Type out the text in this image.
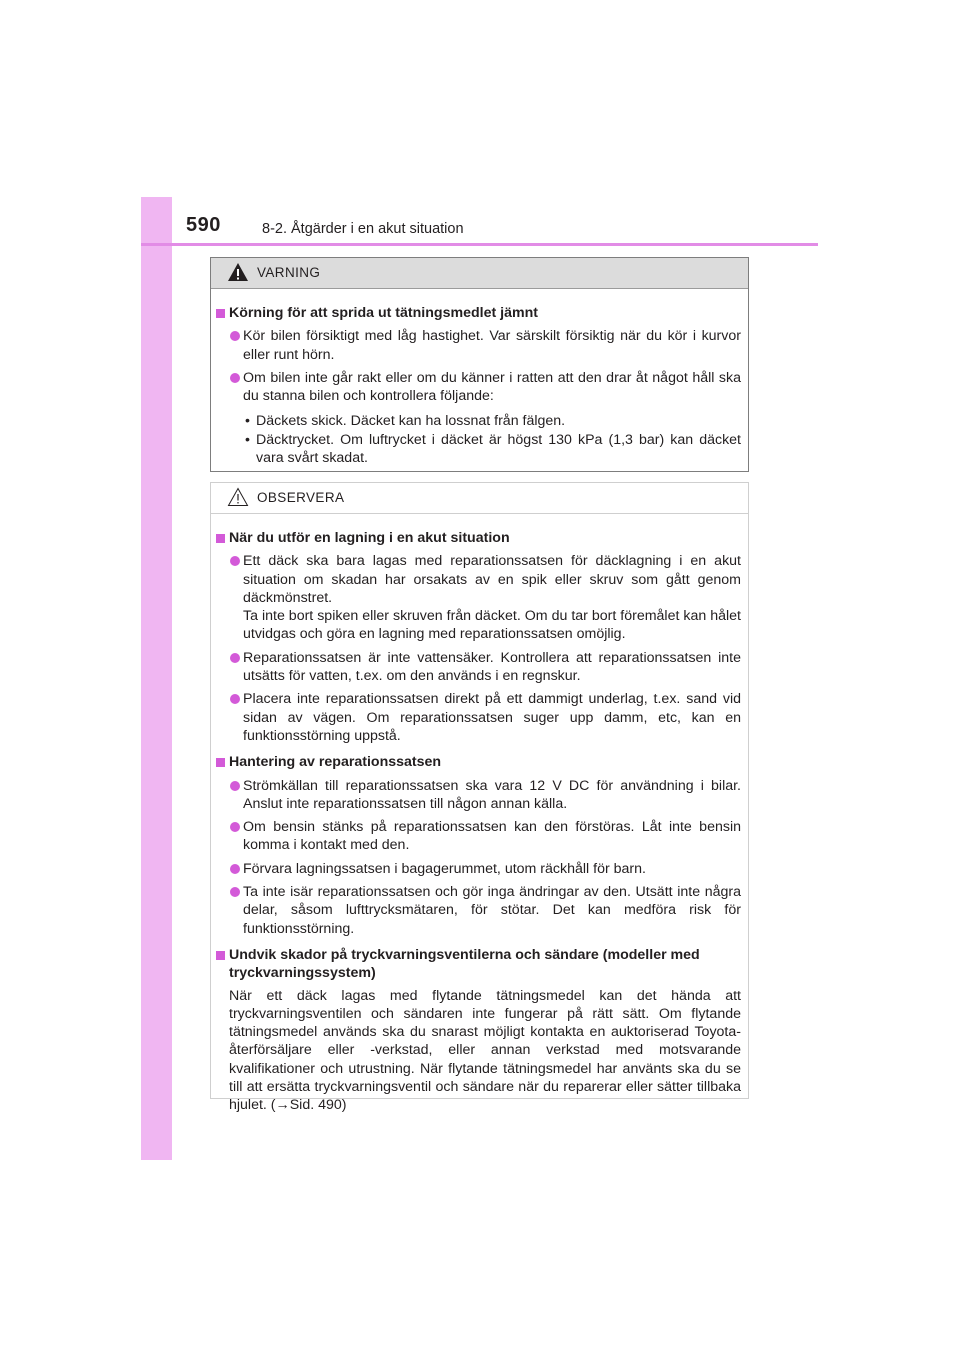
590	8-2. Åtgärder i en akut situation
VARNING
Körning för att sprida ut tätningsmedlet jämnt
Kör bilen försiktigt med låg hastighet. Var särskilt försiktig när du kör i kurvor eller runt hörn.
Om bilen inte går rakt eller om du känner i ratten att den drar åt något håll ska du stanna bilen och kontrollera följande:
• Däckets skick. Däcket kan ha lossnat från fälgen.
• Däcktrycket. Om luftrycket i däcket är högst 130 kPa (1,3 bar) kan däcket vara svårt skadat.
OBSERVERA
När du utför en lagning i en akut situation
Ett däck ska bara lagas med reparationssatsen för däcklagning i en akut situation om skadan har orsakats av en spik eller skruv som gått genom däckmönstret.
Ta inte bort spiken eller skruven från däcket. Om du tar bort föremålet kan hålet utvidgas och göra en lagning med reparationssatsen omöjlig.
Reparationssatsen är inte vattensäker. Kontrollera att reparationssatsen inte utsätts för vatten, t.ex. om den används i en regnskur.
Placera inte reparationssatsen direkt på ett dammigt underlag, t.ex. sand vid sidan av vägen. Om reparationssatsen suger upp damm, etc, kan en funktionsstörning uppstå.
Hantering av reparationssatsen
Strömkällan till reparationssatsen ska vara 12 V DC för användning i bilar. Anslut inte reparationssatsen till någon annan källa.
Om bensin stänks på reparationssatsen kan den förstöras. Låt inte bensin komma i kontakt med den.
Förvara lagningssatsen i bagagerummet, utom räckhåll för barn.
Ta inte isär reparationssatsen och gör inga ändringar av den. Utsätt inte några delar, såsom lufttrycksmätaren, för stötar. Det kan medföra risk för funktionsstörning.
Undvik skador på tryckvarningsventilerna och sändare (modeller med tryckvarningssystem)
När ett däck lagas med flytande tätningsmedel kan det hända att tryckvarningsventilen och sändaren inte fungerar på rätt sätt. Om flytande tätningsmedel används ska du snarast möjligt kontakta en auktoriserad Toyota-återförsäljare eller -verkstad, eller annan verkstad med motsvarande kvalifikationer och utrustning. När flytande tätningsmedel har använts ska du se till att ersätta tryckvarningsventil och sändare när du reparerar eller sätter tillbaka hjulet. (→Sid. 490)
